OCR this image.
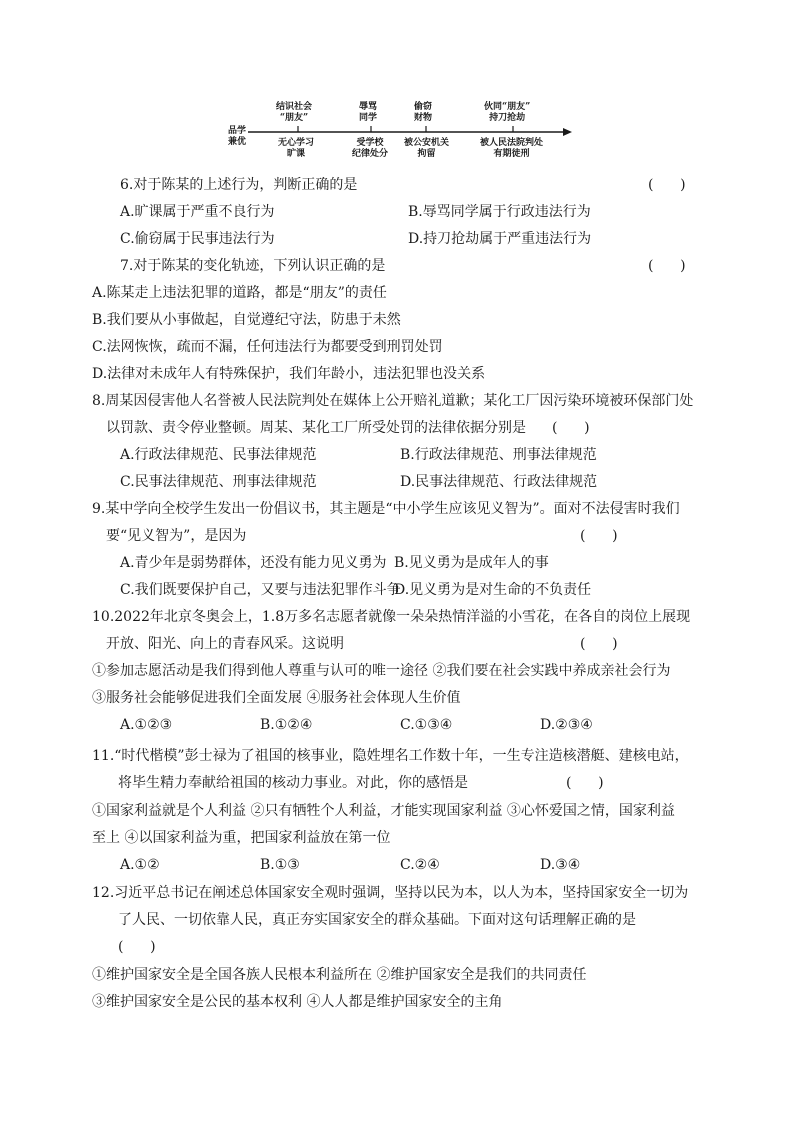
品学
兼优
结识社会
“朋友”
辱骂
同学
偷窃
财物
伙同“朋友”
持刀抢劫
无心学习
旷课
受学校
纪律处分
被公安机关
拘留
被人民法院判处
有期徒刑
6.对于陈某的上述行为，判断正确的是	(      )
A.旷课属于严重不良行为	B.辱骂同学属于行政违法行为
C.偷窃属于民事违法行为	D.持刀抢劫属于严重违法行为
7.对于陈某的变化轨迹，下列认识正确的是	(      )
A.陈某走上违法犯罪的道路，都是“朋友”的责任
B.我们要从小事做起，自觉遵纪守法，防患于未然
C.法网恢恢，疏而不漏，任何违法行为都要受到刑罚处罚
D.法律对未成年人有特殊保护，我们年龄小，违法犯罪也没关系
8.周某因侵害他人名誉被人民法院判处在媒体上公开赔礼道歉；某化工厂因污染环境被环保部门处
以罚款、责令停业整顿。周某、某化工厂所受处罚的法律依据分别是 (      )
A.行政法律规范、民事法律规范	B.行政法律规范、刑事法律规范
C.民事法律规范、刑事法律规范	D.民事法律规范、行政法律规范
9.某中学向全校学生发出一份倡议书，其主题是“中小学生应该见义智为”。面对不法侵害时我们
要“见义智为”，是因为	(      )
A.青少年是弱势群体，还没有能力见义勇为 B.见义勇为是成年人的事
C.我们既要保护自己，又要与违法犯罪作斗争
D.见义勇为是对生命的不负责任
10.2022年北京冬奥会上，1.8万多名志愿者就像一朵朵热情洋溢的小雪花，在各自的岗位上展现
开放、阳光、向上的青春风采。这说明	(      )
①参加志愿活动是我们得到他人尊重与认可的唯一途径 ②我们要在社会实践中养成亲社会行为
③服务社会能够促进我们全面发展 ④服务社会体现人生价值
A.①②③	B.①②④	C.①③④	D.②③④
11.“时代楷模”彭士禄为了祖国的核事业，隐姓埋名工作数十年，一生专注造核潜艇、建核电站，
将毕生精力奉献给祖国的核动力事业。对此，你的感悟是	(      )
①国家利益就是个人利益 ②只有牺牲个人利益，才能实现国家利益 ③心怀爱国之情，国家利益
至上 ④以国家利益为重，把国家利益放在第一位
A.①②	B.①③	C.②④	D.③④
12.习近平总书记在阐述总体国家安全观时强调，坚持以民为本，以人为本，坚持国家安全一切为
了人民、一切依靠人民，真正夯实国家安全的群众基础。下面对这句话理解正确的是
(      )
①维护国家安全是全国各族人民根本利益所在 ②维护国家安全是我们的共同责任
③维护国家安全是公民的基本权利 ④人人都是维护国家安全的主角
